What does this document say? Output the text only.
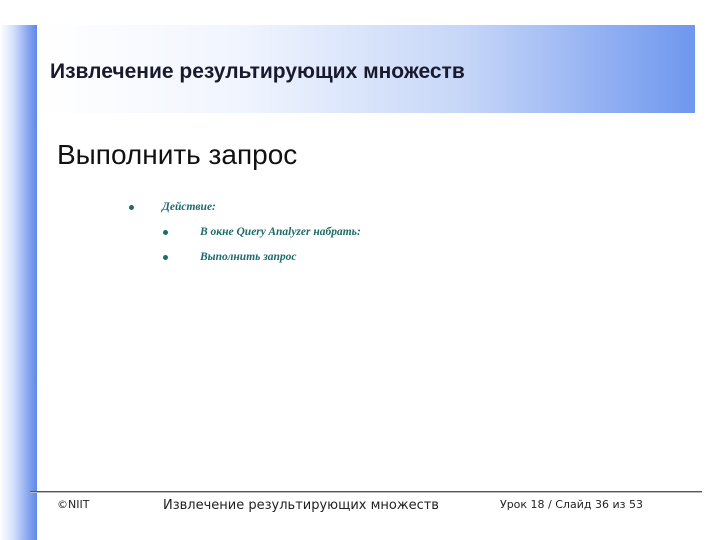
Извлечение результирующих множеств
Выполнить запрос
Действие:
В окне Query Analyzer набрать:
Выполнить запрос
©NIIT	Извлечение результирующих множеств	Урок 18 / Слайд 36 из 53
